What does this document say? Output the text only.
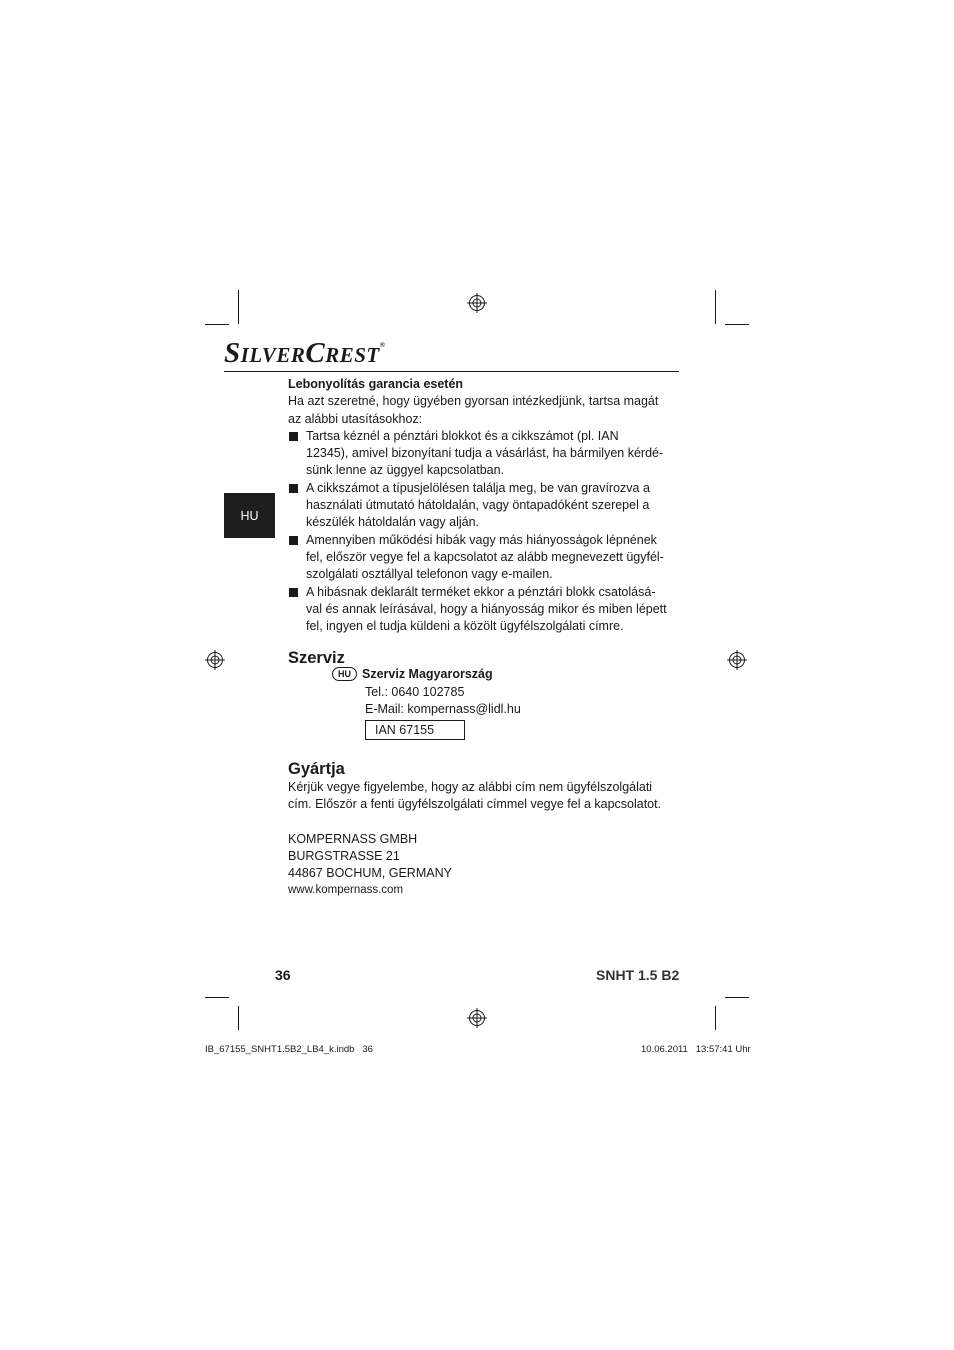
SILVERCREST®
HU

Lebonyolítás garancia esetén

Ha azt szeretné, hogy ügyében gyorsan intézkedjünk, tartsa magát
az alábbi utasításokhoz:

Tartsa kéznél a pénztári blokkot és a cikkszámot (pl. IAN
12345), amivel bizonyítani tudja a vásárlást, ha bármilyen kérdé-
sünk lenne az üggyel kapcsolatban.
A cikkszámot a típusjelölésen találja meg, be van gravírozva a
használati útmutató hátoldalán, vagy öntapadóként szerepel a
készülék hátoldalán vagy alján.
Amennyiben működési hibák vagy más hiányosságok lépnének
fel, először vegye fel a kapcsolatot az alább megnevezett ügyfél-
szolgálati osztállyal telefonon vagy e-mailen.
A hibásnak deklarált terméket ekkor a pénztári blokk csatolásá-
val és annak leírásával, hogy a hiányosság mikor és miben lépett
fel, ingyen el tudja küldeni a közölt ügyfélszolgálati címre.
Szerviz
HU Szerviz Magyarország
Tel.: 0640 102785
E-Mail: kompernass@lidl.hu
IAN 67155
Gyártja

Kérjük vegye figyelembe, hogy az alábbi cím nem ügyfélszolgálati
cím. Először a fenti ügyfélszolgálati címmel vegye fel a kapcsolatot.

KOMPERNASS GMBH
BURGSTRASSE 21
44867 BOCHUM, GERMANY

www.kompernass.com

36	SNHT 1.5 B2
IB_67155_SNHT1.5B2_LB4_k.indb   36	10.06.2011   13:57:41 Uhr
